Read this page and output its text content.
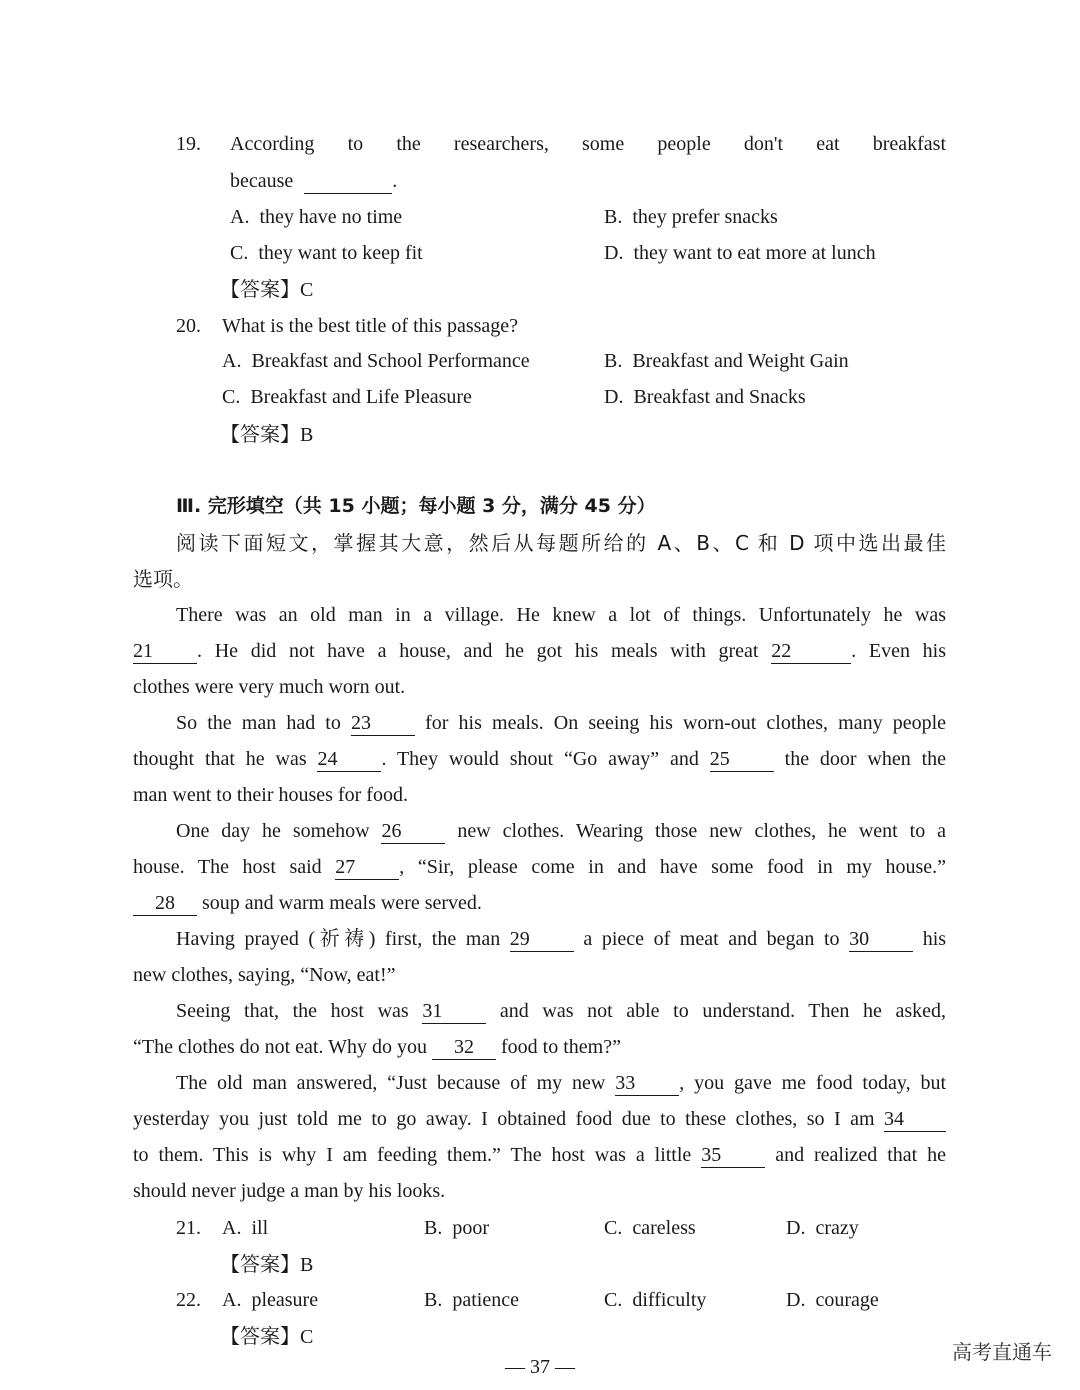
19. According to the researchers, some people don't eat breakfast
because	.
A. they have no time	B. they prefer snacks
C. they want to keep fit	D. they want to eat more at lunch
【答案】C
20. What is the best title of this passage?
A. Breakfast and School Performance	B. Breakfast and Weight Gain
C. Breakfast and Life Pleasure	D. Breakfast and Snacks
【答案】B
Ⅲ. 完形填空（共 15 小题；每小题 3 分，满分 45 分）
阅读下面短文，掌握其大意，然后从每题所给的 A、B、C 和 D 项中选出最佳
选项。
There was an old man in a village. He knew a lot of things. Unfortunately he was
21 . He did not have a house, and he got his meals with great 22	. Even his
clothes were very much worn out.
So the man had to 23	for his meals. On seeing his worn-out clothes, many people
thought that he was 24 . They would shout “Go away” and 25	the door when the
man went to their houses for food.
One day he somehow 26	new clothes. Wearing those new clothes, he went to a
house. The host said 27 , “Sir, please come in and have some food in my house.”
28 soup and warm meals were served.
Having prayed (祈祷) first, the man 29	a piece of meat and began to 30	his
new clothes, saying, “Now, eat!”
Seeing that, the host was 31	and was not able to understand. Then he asked,
“The clothes do not eat. Why do you 32 food to them?”
The old man answered, “Just because of my new 33 , you gave me food today, but
yesterday you just told me to go away. I obtained food due to these clothes, so I am 34
to them. This is why I am feeding them.” The host was a little 35	and realized that he
should never judge a man by his looks.
21. A. ill	B. poor	C. careless	D. crazy
【答案】B
22. A. pleasure	B. patience	C. difficulty	D. courage
【答案】C
高考直通车
— 37 —
